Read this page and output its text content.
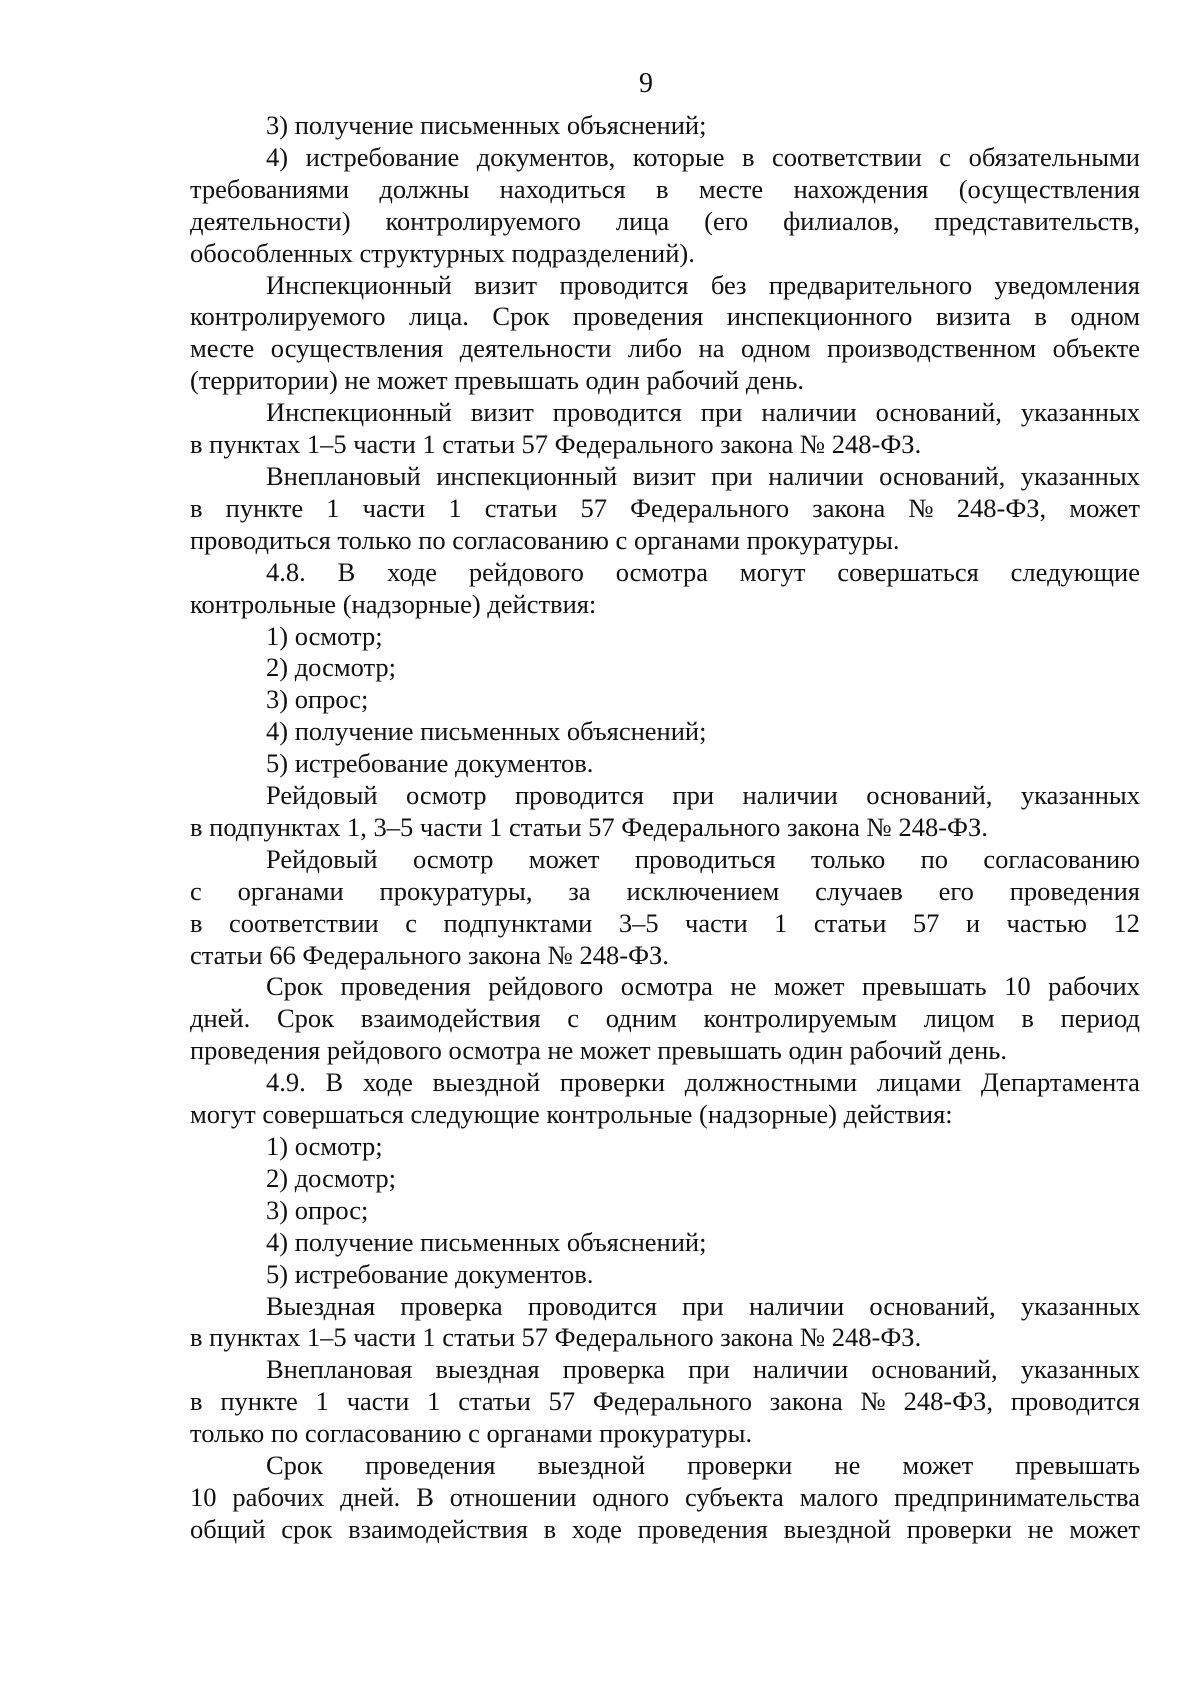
9
3) получение письменных объяснений;
4) истребование документов, которые в соответствии с обязательными
требованиями должны находиться в месте нахождения (осуществления
деятельности) контролируемого лица (его филиалов, представительств,
обособленных структурных подразделений).
Инспекционный визит проводится без предварительного уведомления
контролируемого лица. Срок проведения инспекционного визита в одном
месте осуществления деятельности либо на одном производственном объекте
(территории) не может превышать один рабочий день.
Инспекционный визит проводится при наличии оснований, указанных
в пунктах 1–5 части 1 статьи 57 Федерального закона № 248-ФЗ.
Внеплановый инспекционный визит при наличии оснований, указанных
в пункте 1 части 1 статьи 57 Федерального закона № 248-ФЗ, может
проводиться только по согласованию с органами прокуратуры.
4.8. В ходе рейдового осмотра могут совершаться следующие
контрольные (надзорные) действия:
1) осмотр;
2) досмотр;
3) опрос;
4) получение письменных объяснений;
5) истребование документов.
Рейдовый осмотр проводится при наличии оснований, указанных
в подпунктах 1, 3–5 части 1 статьи 57 Федерального закона № 248-ФЗ.
Рейдовый осмотр может проводиться только по согласованию
с органами прокуратуры, за исключением случаев его проведения
в соответствии с подпунктами 3–5 части 1 статьи 57 и частью 12
статьи 66 Федерального закона № 248-ФЗ.
Срок проведения рейдового осмотра не может превышать 10 рабочих
дней. Срок взаимодействия с одним контролируемым лицом в период
проведения рейдового осмотра не может превышать один рабочий день.
4.9. В ходе выездной проверки должностными лицами Департамента
могут совершаться следующие контрольные (надзорные) действия:
1) осмотр;
2) досмотр;
3) опрос;
4) получение письменных объяснений;
5) истребование документов.
Выездная проверка проводится при наличии оснований, указанных
в пунктах 1–5 части 1 статьи 57 Федерального закона № 248-ФЗ.
Внеплановая выездная проверка при наличии оснований, указанных
в пункте 1 части 1 статьи 57 Федерального закона № 248-ФЗ, проводится
только по согласованию с органами прокуратуры.
Срок проведения выездной проверки не может превышать
10 рабочих дней. В отношении одного субъекта малого предпринимательства
общий срок взаимодействия в ходе проведения выездной проверки не может
